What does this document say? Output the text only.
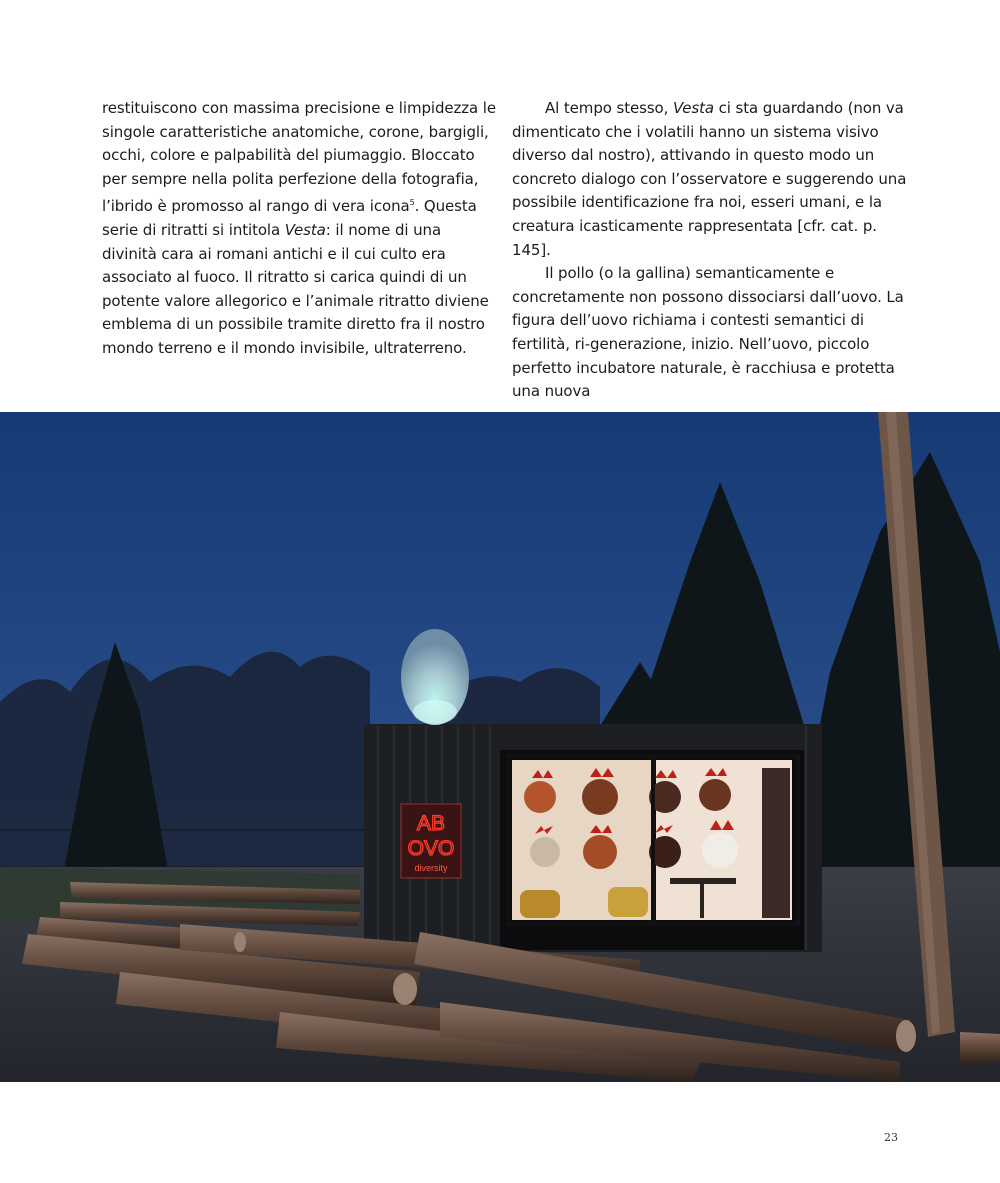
restituiscono con massima precisione e limpidezza le singole caratteristiche anatomiche, corone, bargigli, occhi, colore e palpabilità del piumaggio. Bloccato per sempre nella polita perfezione della fotografia, l’ibrido è promosso al rango di vera icona$^5$. Questa serie di ritratti si intitola Vesta: il nome di una divinità cara ai romani antichi e il cui culto era associato al fuoco. Il ritratto si carica quindi di un potente valore allegorico e l’animale ritratto diviene emblema di un possibile tramite diretto fra il nostro mondo terreno e il mondo invisibile, ultraterreno.

Al tempo stesso, Vesta ci sta guardando (non va dimenticato che i volatili hanno un sistema visivo diverso dal nostro), attivando in questo modo un concreto dialogo con l’osservatore e suggerendo una possibile identificazione fra noi, esseri umani, e la creatura icasticamente rappresentata [cfr. cat. p. 145].

Il pollo (o la gallina) semanticamente e concretamente non possono dissociarsi dall’uovo. La figura dell’uovo richiama i contesti semantici di fertilità, ri-generazione, inizio. Nell’uovo, piccolo perfetto incubatore naturale, è racchiusa e protetta una nuova

AB
OVO
diversity
23
